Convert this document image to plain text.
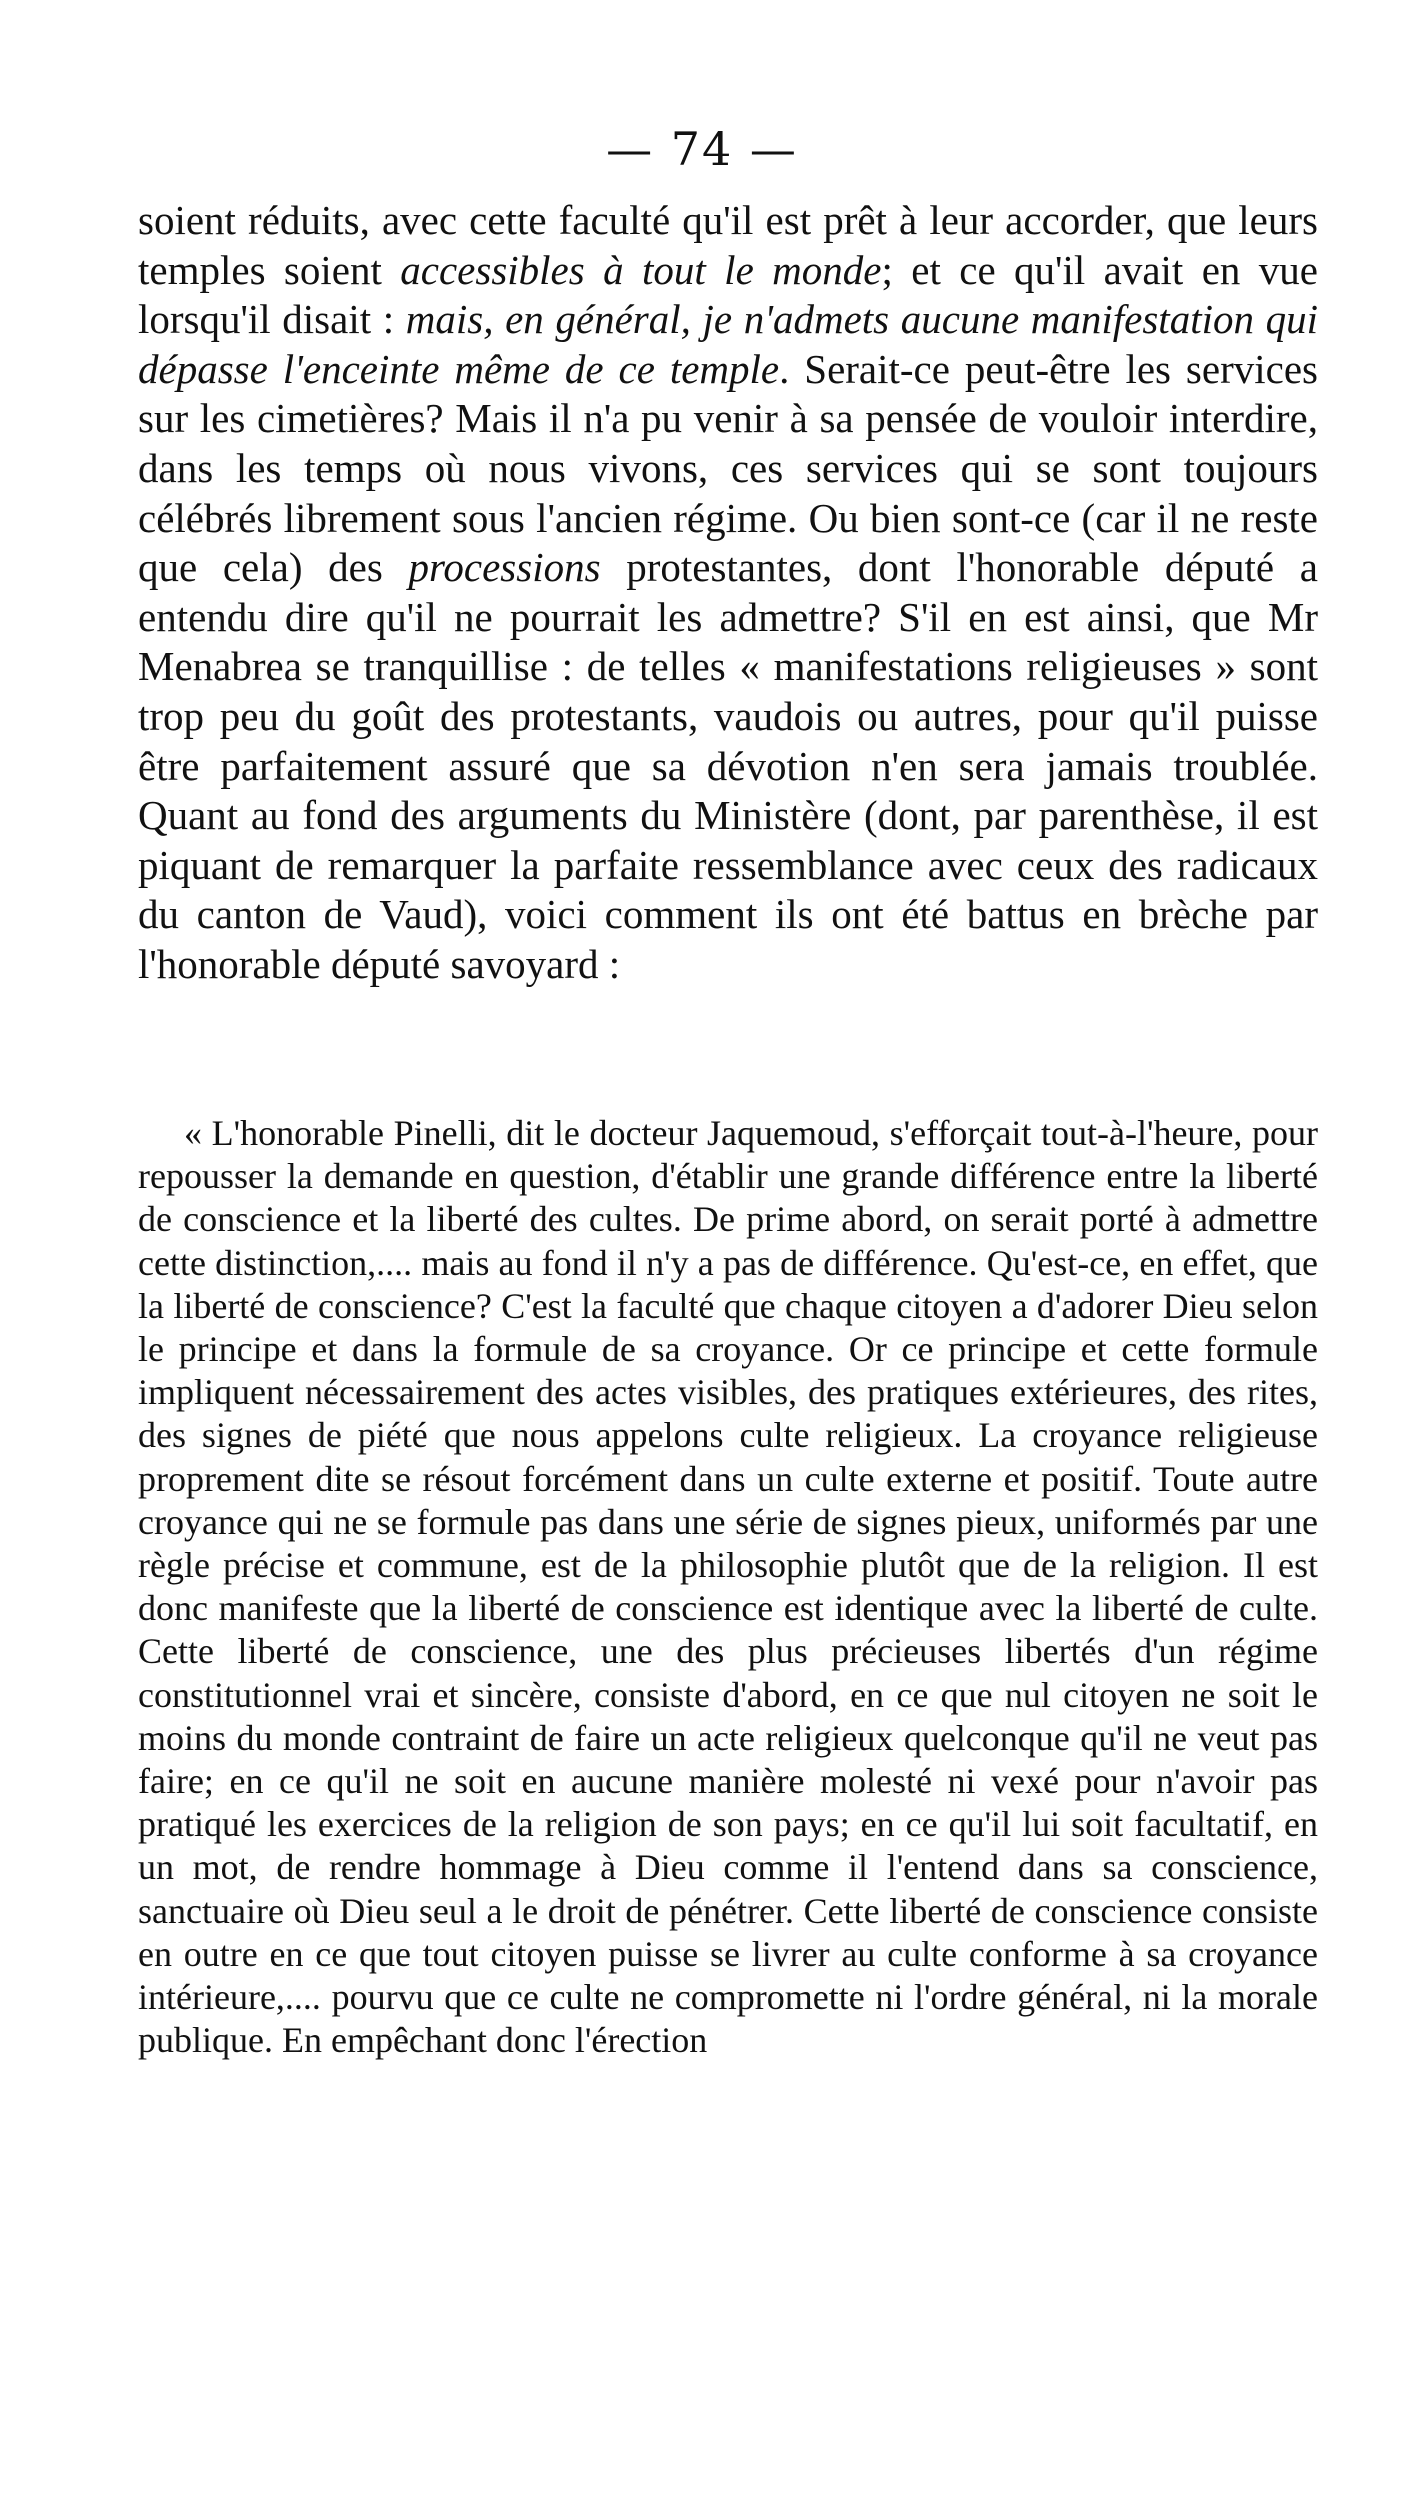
— 74 —

soient réduits, avec cette faculté qu'il est prêt à leur accorder, que leurs temples soient accessibles à tout le monde; et ce qu'il avait en vue lorsqu'il disait : mais, en général, je n'admets aucune manifestation qui dépasse l'enceinte même de ce temple. Serait-ce peut-être les services sur les cimetières? Mais il n'a pu venir à sa pensée de vouloir interdire, dans les temps où nous vivons, ces services qui se sont toujours célébrés librement sous l'ancien régime. Ou bien sont-ce (car il ne reste que cela) des processions protestantes, dont l'honorable député a entendu dire qu'il ne pourrait les admettre? S'il en est ainsi, que Mr Menabrea se tranquillise : de telles « manifestations religieuses » sont trop peu du goût des protestants, vaudois ou autres, pour qu'il puisse être parfaitement assuré que sa dévotion n'en sera jamais troublée. Quant au fond des arguments du Ministère (dont, par parenthèse, il est piquant de remarquer la parfaite ressemblance avec ceux des radicaux du canton de Vaud), voici comment ils ont été battus en brèche par l'honorable député savoyard :

« L'honorable Pinelli, dit le docteur Jaquemoud, s'efforçait tout-à-l'heure, pour repousser la demande en question, d'établir une grande différence entre la liberté de conscience et la liberté des cultes. De prime abord, on serait porté à admettre cette distinction,.... mais au fond il n'y a pas de différence. Qu'est-ce, en effet, que la liberté de conscience? C'est la faculté que chaque citoyen a d'adorer Dieu selon le principe et dans la formule de sa croyance. Or ce principe et cette formule impliquent nécessairement des actes visibles, des pratiques extérieures, des rites, des signes de piété que nous appelons culte religieux. La croyance religieuse proprement dite se résout forcément dans un culte externe et positif. Toute autre croyance qui ne se formule pas dans une série de signes pieux, uniformés par une règle précise et commune, est de la philosophie plutôt que de la religion. Il est donc manifeste que la liberté de conscience est identique avec la liberté de culte. Cette liberté de conscience, une des plus précieuses libertés d'un régime constitutionnel vrai et sincère, consiste d'abord, en ce que nul citoyen ne soit le moins du monde contraint de faire un acte religieux quelconque qu'il ne veut pas faire; en ce qu'il ne soit en aucune manière molesté ni vexé pour n'avoir pas pratiqué les exercices de la religion de son pays; en ce qu'il lui soit facultatif, en un mot, de rendre hommage à Dieu comme il l'entend dans sa conscience, sanctuaire où Dieu seul a le droit de pénétrer. Cette liberté de conscience consiste en outre en ce que tout citoyen puisse se livrer au culte conforme à sa croyance intérieure,.... pourvu que ce culte ne compromette ni l'ordre général, ni la morale publique. En empêchant donc l'érection
